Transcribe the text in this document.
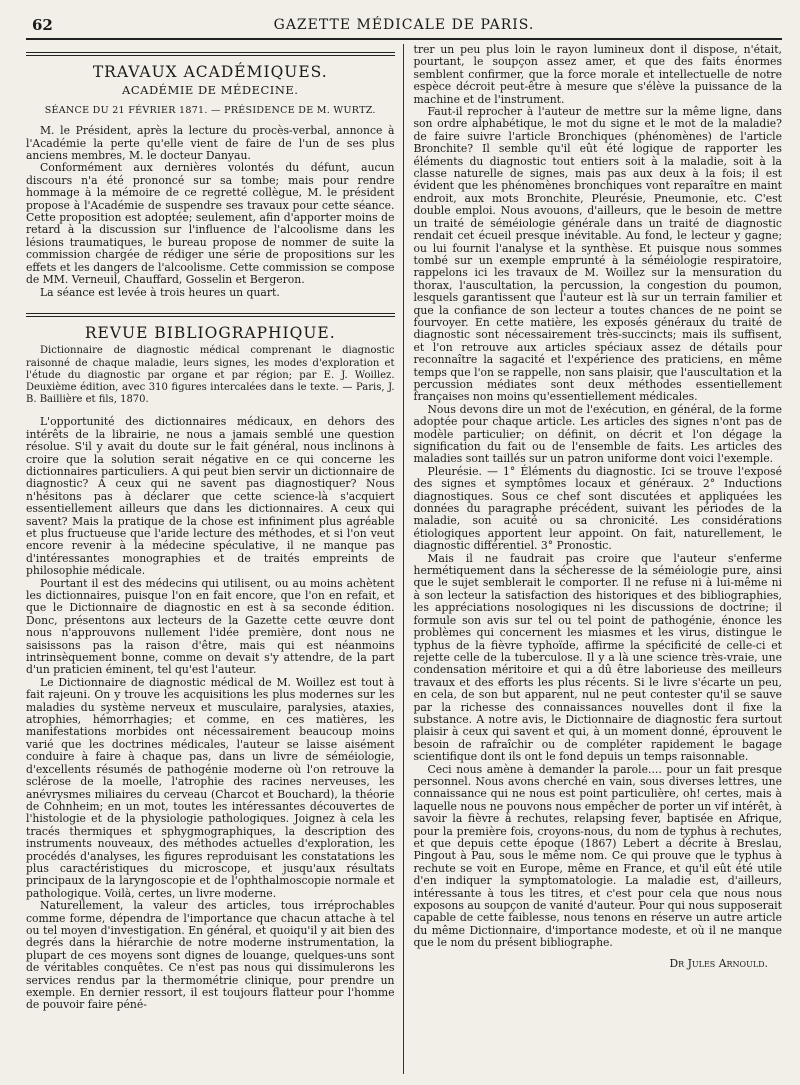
62	GAZETTE MÉDICALE DE PARIS.
TRAVAUX ACADÉMIQUES.
ACADÉMIE DE MÉDECINE.

SÉANCE DU 21 FÉVRIER 1871. — PRÉSIDENCE DE M. WURTZ.

M. le Président, après la lecture du procès-verbal, annonce à l'Académie la perte qu'elle vient de faire de l'un de ses plus anciens membres, M. le docteur Danyau.

Conformément aux dernières volontés du défunt, aucun discours n'a été prononcé sur sa tombe; mais pour rendre hommage à la mémoire de ce regretté collègue, M. le président propose à l'Académie de suspendre ses travaux pour cette séance. Cette proposition est adoptée; seulement, afin d'apporter moins de retard à la discussion sur l'influence de l'alcoolisme dans les lésions traumatiques, le bureau propose de nommer de suite la commission chargée de rédiger une série de propositions sur les effets et les dangers de l'alcoolisme. Cette commission se compose de MM. Verneuil, Chauffard, Gosselin et Bergeron.

La séance est levée à trois heures un quart.

REVUE BIBLIOGRAPHIQUE.

Dictionnaire de diagnostic médical comprenant le diagnostic raisonné de chaque maladie, leurs signes, les modes d'exploration et l'étude du diagnostic par organe et par région; par E. J. Woillez. Deuxième édition, avec 310 figures intercalées dans le texte. — Paris, J. B. Baillière et fils, 1870.

L'opportunité des dictionnaires médicaux, en dehors des intérêts de la librairie, ne nous a jamais semblé une question résolue. S'il y avait du doute sur le fait général, nous inclinons à croire que la solution serait négative en ce qui concerne les dictionnaires particuliers. A qui peut bien servir un dictionnaire de diagnostic? A ceux qui ne savent pas diagnostiquer? Nous n'hésitons pas à déclarer que cette science-là s'acquiert essentiellement ailleurs que dans les dictionnaires. A ceux qui savent? Mais la pratique de la chose est infiniment plus agréable et plus fructueuse que l'aride lecture des méthodes, et si l'on veut encore revenir à la médecine spéculative, il ne manque pas d'intéressantes monographies et de traités empreints de philosophie médicale.

Pourtant il est des médecins qui utilisent, ou au moins achètent les dictionnaires, puisque l'on en fait encore, que l'on en refait, et que le Dictionnaire de diagnostic en est à sa seconde édition. Donc, présentons aux lecteurs de la Gazette cette œuvre dont nous n'approuvons nullement l'idée première, dont nous ne saisissons pas la raison d'être, mais qui est néanmoins intrinsèquement bonne, comme on devait s'y attendre, de la part d'un praticien éminent, tel qu'est l'auteur.

Le Dictionnaire de diagnostic médical de M. Woillez est tout à fait rajeuni. On y trouve les acquisitions les plus modernes sur les maladies du système nerveux et musculaire, paralysies, ataxies, atrophies, hémorrhagies; et comme, en ces matières, les manifestations morbides ont nécessairement beaucoup moins varié que les doctrines médicales, l'auteur se laisse aisément conduire à faire à chaque pas, dans un livre de séméiologie, d'excellents résumés de pathogénie moderne où l'on retrouve la sclérose de la moelle, l'atrophie des racines nerveuses, les anévrysmes miliaires du cerveau (Charcot et Bouchard), la théorie de Cohnheim; en un mot, toutes les intéressantes découvertes de l'histologie et de la physiologie pathologiques. Joignez à cela les tracés thermiques et sphygmographiques, la description des instruments nouveaux, des méthodes actuelles d'exploration, les procédés d'analyses, les figures reproduisant les constatations les plus caractéristiques du microscope, et jusqu'aux résultats principaux de la laryngoscopie et de l'ophthalmoscopie normale et pathologique. Voilà, certes, un livre moderne.

Naturellement, la valeur des articles, tous irréprochables comme forme, dépendra de l'importance que chacun attache à tel ou tel moyen d'investigation. En général, et quoiqu'il y ait bien des degrés dans la hiérarchie de notre moderne instrumentation, la plupart de ces moyens sont dignes de louange, quelques-uns sont de véritables conquêtes. Ce n'est pas nous qui dissimulerons les services rendus par la thermométrie clinique, pour prendre un exemple. En dernier ressort, il est toujours flatteur pour l'homme de pouvoir faire péné-

trer un peu plus loin le rayon lumineux dont il dispose, n'était, pourtant, le soupçon assez amer, et que des faits énormes semblent confirmer, que la force morale et intellectuelle de notre espèce décroit peut-être à mesure que s'élève la puissance de la machine et de l'instrument.

Faut-il reprocher à l'auteur de mettre sur la même ligne, dans son ordre alphabétique, le mot du signe et le mot de la maladie? de faire suivre l'article Bronchiques (phénomènes) de l'article Bronchite? Il semble qu'il eût été logique de rapporter les éléments du diagnostic tout entiers soit à la maladie, soit à la classe naturelle de signes, mais pas aux deux à la fois; il est évident que les phénomènes bronchiques vont reparaître en maint endroit, aux mots Bronchite, Pleurésie, Pneumonie, etc. C'est double emploi. Nous avouons, d'ailleurs, que le besoin de mettre un traité de séméiologie générale dans un traité de diagnostic rendait cet écueil presque inévitable. Au fond, le lecteur y gagne; ou lui fournit l'analyse et la synthèse. Et puisque nous sommes tombé sur un exemple emprunté à la séméiologie respiratoire, rappelons ici les travaux de M. Woillez sur la mensuration du thorax, l'auscultation, la percussion, la congestion du poumon, lesquels garantissent que l'auteur est là sur un terrain familier et que la confiance de son lecteur a toutes chances de ne point se fourvoyer. En cette matière, les exposés généraux du traité de diagnostic sont nécessairement très-succincts; mais ils suffisent, et l'on retrouve aux articles spéciaux assez de détails pour reconnaître la sagacité et l'expérience des praticiens, en même temps que l'on se rappelle, non sans plaisir, que l'auscultation et la percussion médiates sont deux méthodes essentiellement françaises non moins qu'essentiellement médicales.

Nous devons dire un mot de l'exécution, en général, de la forme adoptée pour chaque article. Les articles des signes n'ont pas de modèle particulier; on définit, on décrit et l'on dégage la signification du fait ou de l'ensemble de faits. Les articles des maladies sont taillés sur un patron uniforme dont voici l'exemple.

Pleurésie. — 1° Éléments du diagnostic. Ici se trouve l'exposé des signes et symptômes locaux et généraux. 2° Inductions diagnostiques. Sous ce chef sont discutées et appliquées les données du paragraphe précédent, suivant les périodes de la maladie, son acuité ou sa chronicité. Les considérations étiologiques apportent leur appoint. On fait, naturellement, le diagnostic différentiel. 3° Pronostic.

Mais il ne faudrait pas croire que l'auteur s'enferme hermétiquement dans la sécheresse de la séméiologie pure, ainsi que le sujet semblerait le comporter. Il ne refuse ni à lui-même ni à son lecteur la satisfaction des historiques et des bibliographies, les appréciations nosologiques ni les discussions de doctrine; il formule son avis sur tel ou tel point de pathogénie, énonce les problèmes qui concernent les miasmes et les virus, distingue le typhus de la fièvre typhoïde, affirme la spécificité de celle-ci et rejette celle de la tuberculose. Il y a là une science très-vraie, une condensation méritoire et qui a dû être laborieuse des meilleurs travaux et des efforts les plus récents. Si le livre s'écarte un peu, en cela, de son but apparent, nul ne peut contester qu'il se sauve par la richesse des connaissances nouvelles dont il fixe la substance. A notre avis, le Dictionnaire de diagnostic fera surtout plaisir à ceux qui savent et qui, à un moment donné, éprouvent le besoin de rafraîchir ou de compléter rapidement le bagage scientifique dont ils ont le fond depuis un temps raisonnable.

Ceci nous amène à demander la parole.... pour un fait presque personnel. Nous avons cherché en vain, sous diverses lettres, une connaissance qui ne nous est point particulière, oh! certes, mais à laquelle nous ne pouvons nous empêcher de porter un vif intérêt, à savoir la fièvre à rechutes, relapsing fever, baptisée en Afrique, pour la première fois, croyons-nous, du nom de typhus à rechutes, et que depuis cette époque (1867) Lebert a décrite à Breslau, Pingout à Pau, sous le même nom. Ce qui prouve que le typhus à rechute se voit en Europe, même en France, et qu'il eût été utile d'en indiquer la symptomatologie. La maladie est, d'ailleurs, intéressante à tous les titres, et c'est pour cela que nous nous exposons au soupçon de vanité d'auteur. Pour qui nous supposerait capable de cette faiblesse, nous tenons en réserve un autre article du même Dictionnaire, d'importance modeste, et où il ne manque que le nom du présent bibliographe.

Dr Jules Arnould.
